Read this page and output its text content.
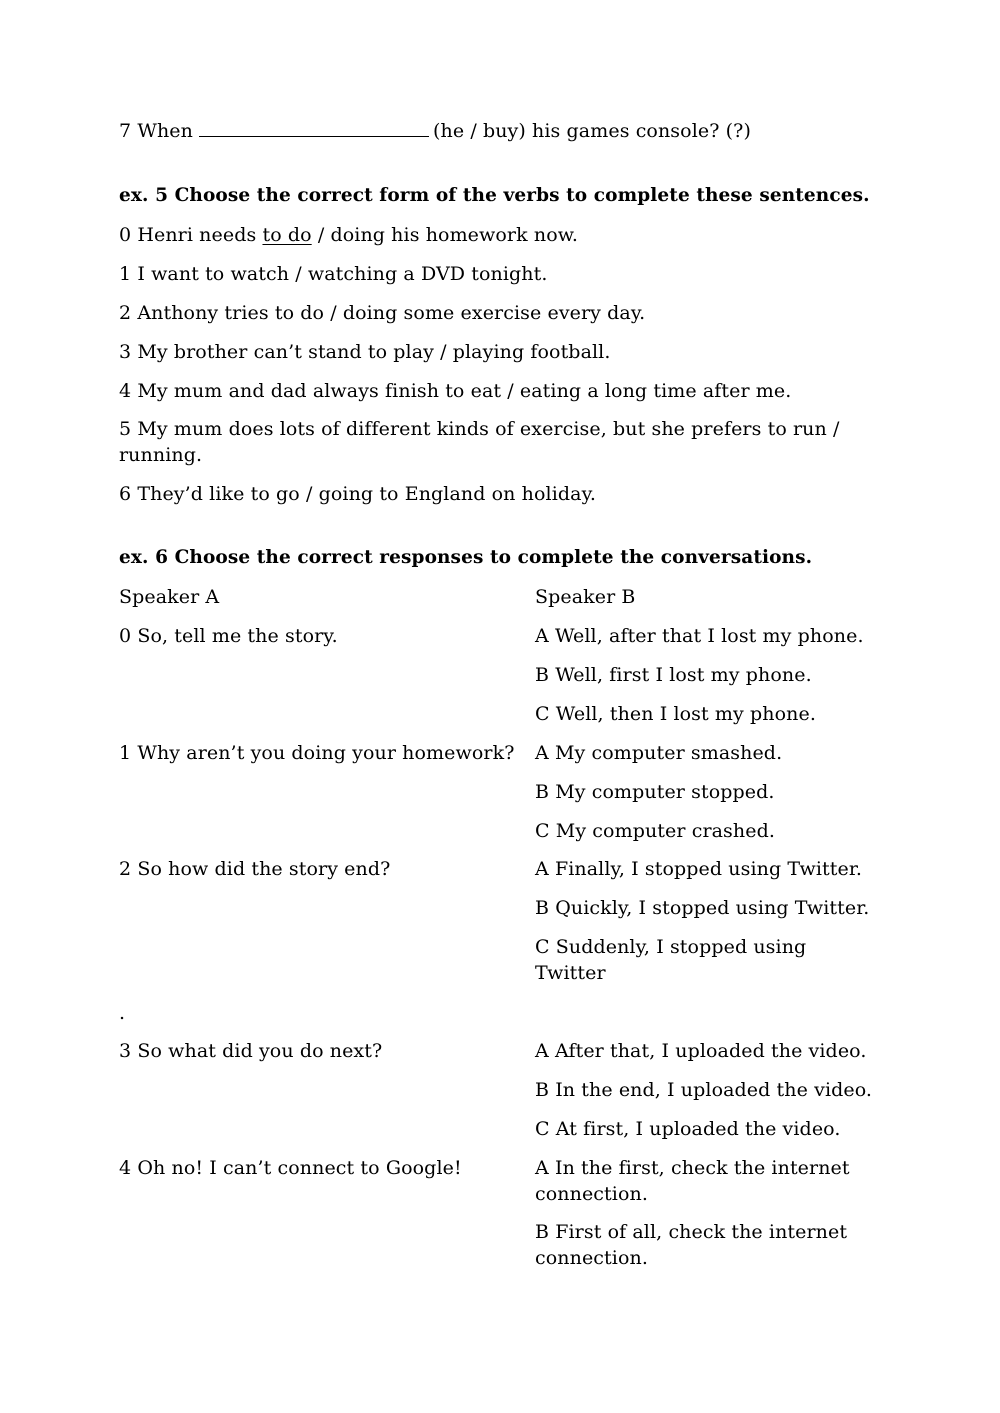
7 When	(he / buy) his games console? (?)
ex. 5 Choose the correct form of the verbs to complete these sentences.
0 Henri needs to do / doing his homework now.
1 I want to watch / watching a DVD tonight.
2 Anthony tries to do / doing some exercise every day.
3 My brother can’t stand to play / playing football.
4 My mum and dad always finish to eat / eating a long time after me.
5 My mum does lots of different kinds of exercise, but she prefers to run / running.
6 They’d like to go / going to England on holiday.
ex. 6 Choose the correct responses to complete the conversations.
Speaker A	Speaker B
0 So, tell me the story.	A Well, after that I lost my phone.
B Well, first I lost my phone.
C Well, then I lost my phone.
1 Why aren’t you doing your homework? A My computer smashed.
B My computer stopped.
C My computer crashed.
2 So how did the story end?	A Finally, I stopped using Twitter.
B Quickly, I stopped using Twitter.
C Suddenly, I stopped using Twitter
.
3 So what did you do next?	A After that, I uploaded the video.
B In the end, I uploaded the video.
C At first, I uploaded the video.
4 Oh no! I can’t connect to Google!	A In the first, check the internet connection.
B First of all, check the internet connection.
